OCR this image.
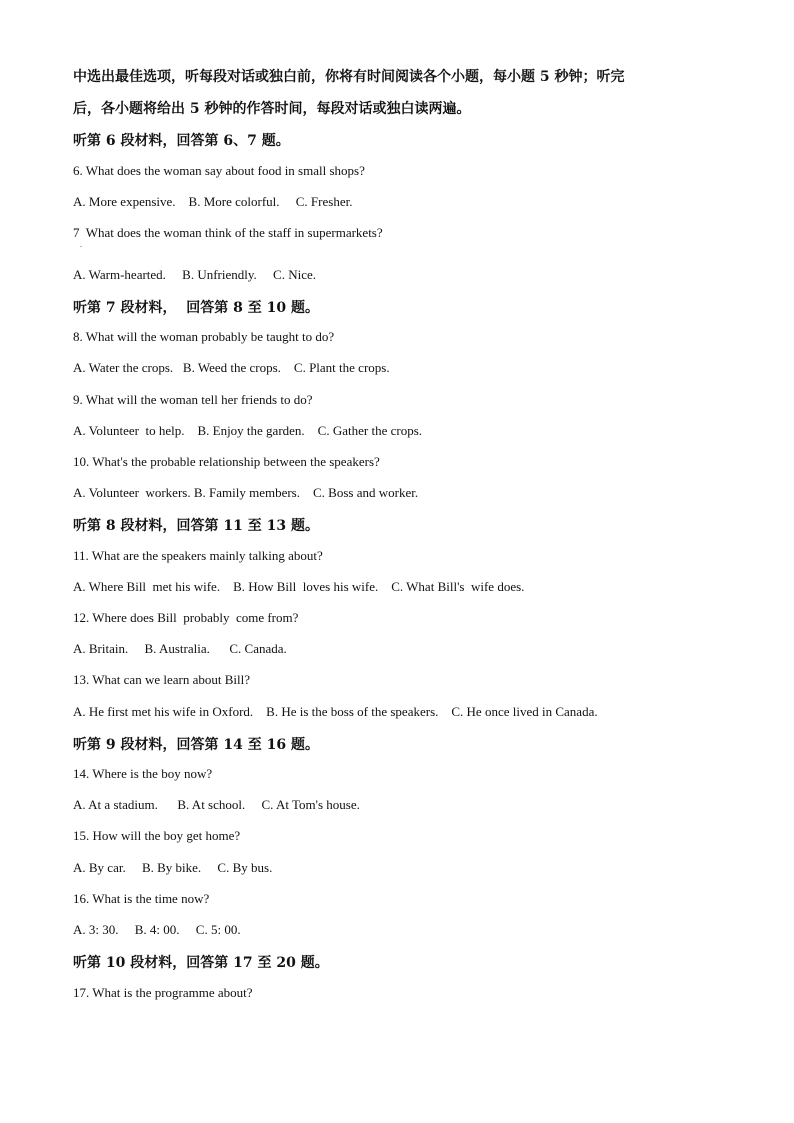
中选出最佳选项，听每段对话或独白前，你将有时间阅读各个小题，每小题 5 秒钟；听完
后，各小题将给出 5 秒钟的作答时间，每段对话或独白读两遍。
听第 6 段材料，回答第 6、7 题。
6. What does the woman say about food in small shops?
A. More expensive.    B. More colorful.     C. Fresher.
7  What does the woman think of the staff in supermarkets?
.
A. Warm-hearted.     B. Unfriendly.     C. Nice.
听第 7 段材料，  回答第 8 至 10 题。
8. What will the woman probably be taught to do?
A. Water the crops.   B. Weed the crops.    C. Plant the crops.
9. What will the woman tell her friends to do?
A. Volunteer  to help.    B. Enjoy the garden.    C. Gather the crops.
10. What's the probable relationship between the speakers?
A. Volunteer  workers. B. Family members.    C. Boss and worker.
听第 8 段材料，回答第 11 至 13 题。
11. What are the speakers mainly talking about?
A. Where Bill  met his wife.    B. How Bill  loves his wife.    C. What Bill's  wife does.
12. Where does Bill  probably  come from?
A. Britain.     B. Australia.      C. Canada.
13. What can we learn about Bill?
A. He first met his wife in Oxford.    B. He is the boss of the speakers.    C. He once lived in Canada.
听第 9 段材料，回答第 14 至 16 题。
14. Where is the boy now?
A. At a stadium.      B. At school.     C. At Tom's house.
15. How will the boy get home?
A. By car.     B. By bike.     C. By bus.
16. What is the time now?
A. 3: 30.     B. 4: 00.     C. 5: 00.
听第 10 段材料，回答第 17 至 20 题。
17. What is the programme about?
